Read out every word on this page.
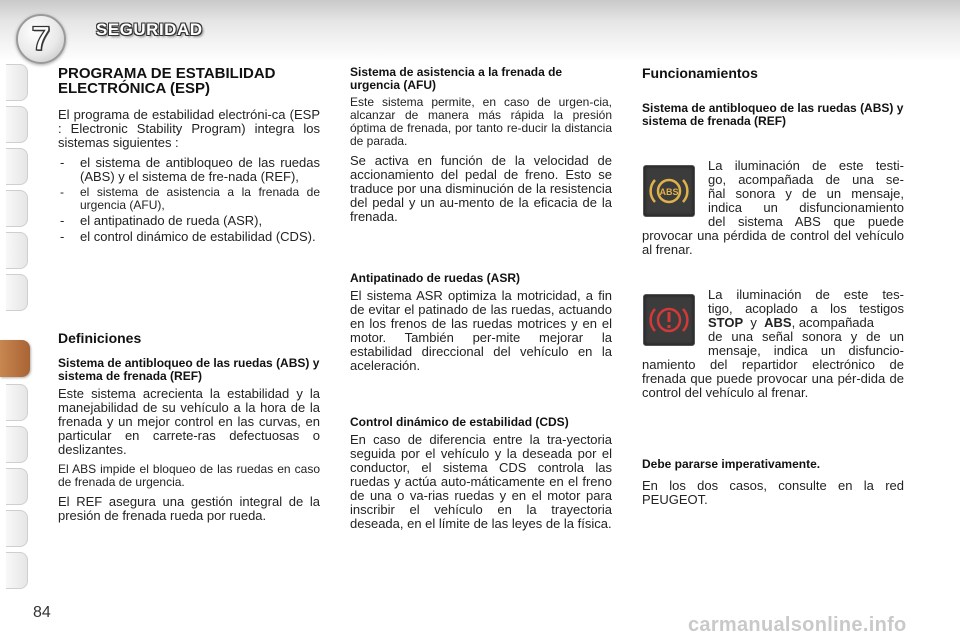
7	SEGURIDAD
PROGRAMA DE ESTABILIDAD
ELECTRÓNICA (ESP)

El programa de estabilidad electróni-ca (ESP : Electronic Stability Program) integra los sistemas siguientes :

- el sistema de antibloqueo de las ruedas (ABS) y el sistema de fre-nada (REF),
- el sistema de asistencia a la frenada de urgencia (AFU),
- el antipatinado de rueda (ASR),
- el control dinámico de estabilidad (CDS).
Definiciones
Sistema de antibloqueo de las ruedas (ABS) y sistema de frenada (REF)

Este sistema acrecienta la estabilidad y la manejabilidad de su vehículo a la hora de la frenada y un mejor control en las curvas, en particular en carrete-ras defectuosas o deslizantes.

El ABS impide el bloqueo de las ruedas en caso de frenada de urgencia.

El REF asegura una gestión integral de la presión de frenada rueda por rueda.

Sistema de asistencia a la frenada de urgencia (AFU)

Este sistema permite, en caso de urgen-cia, alcanzar de manera más rápida la presión óptima de frenada, por tanto re-ducir la distancia de parada.

Se activa en función de la velocidad de accionamiento del pedal de freno. Esto se traduce por una disminución de la resistencia del pedal y un au-mento de la eficacia de la frenada.

Antipatinado de ruedas (ASR)

El sistema ASR optimiza la motricidad, a fin de evitar el patinado de las ruedas, actuando en los frenos de las ruedas motrices y en el motor. También per-mite mejorar la estabilidad direccional del vehículo en la aceleración.

Control dinámico de estabilidad (CDS)

En caso de diferencia entre la tra-yectoria seguida por el vehículo y la deseada por el conductor, el sistema CDS controla las ruedas y actúa auto-máticamente en el freno de una o va-rias ruedas y en el motor para inscribir el vehículo en la trayectoria deseada, en el límite de las leyes de la física.

Funcionamientos
Sistema de antibloqueo de las ruedas (ABS) y sistema de frenada (REF)
ABS
La iluminación de este testi-
go, acompañada de una se-
ñal sonora y de un mensaje,
indica un disfuncionamiento
del sistema ABS que puede

provocar una pérdida de control del vehículo al frenar.

La iluminación de este tes-
tigo, acoplado a los testigos
STOP y ABS, acompañada
de una señal sonora y de un
mensaje, indica un disfuncio-

namiento del repartidor electrónico de frenada que puede provocar una pér-dida de control del vehículo al frenar.

Debe pararse imperativamente.

En los dos casos, consulte en la red PEUGEOT.

84
carmanualsonline.info
